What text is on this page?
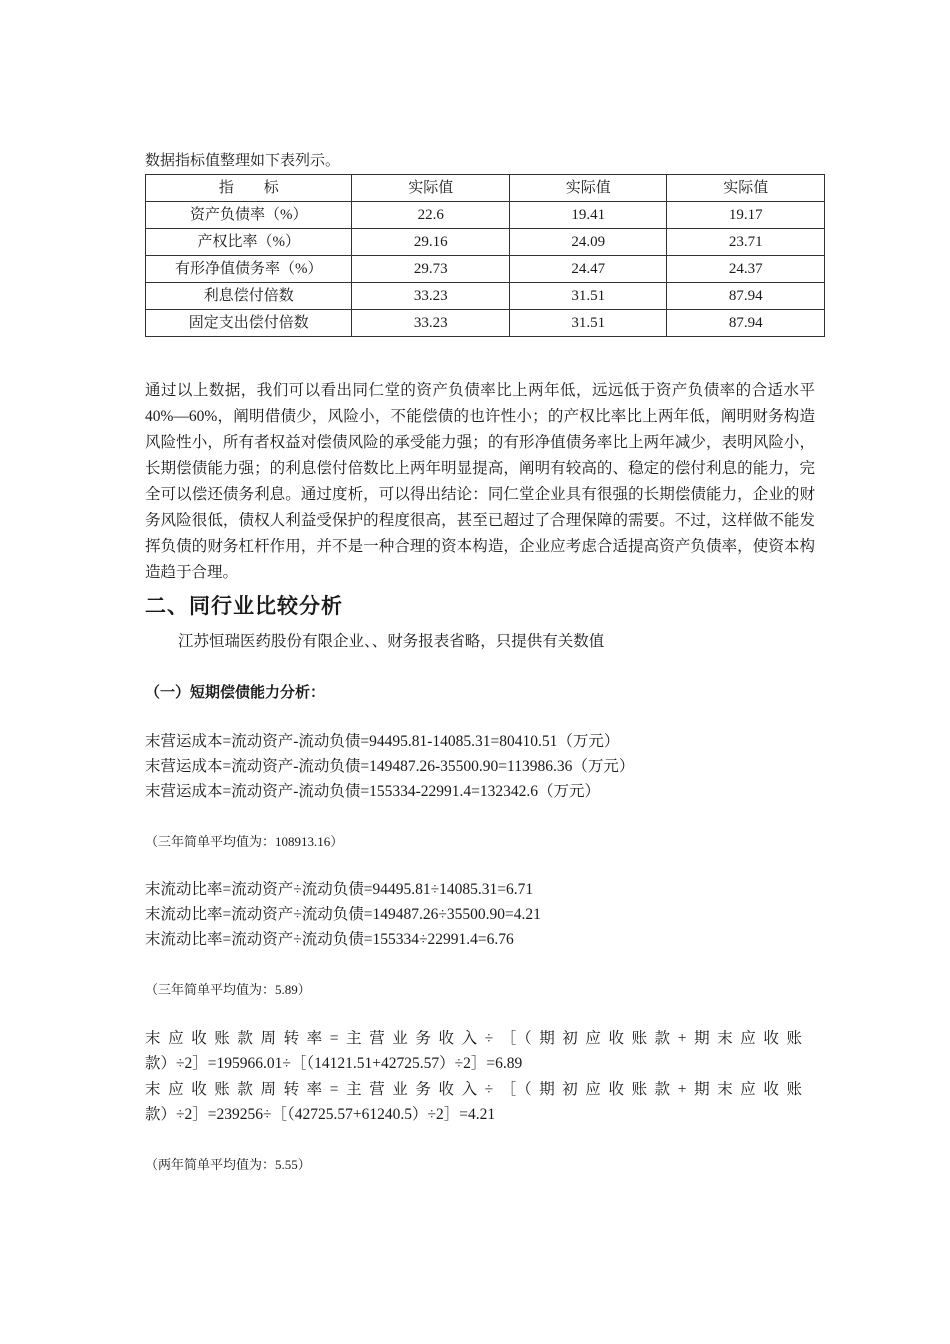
数据指标值整理如下表列示。
指　　标	实际值	实际值	实际值
资产负债率（%）	22.6	19.41	19.17
产权比率（%）	29.16	24.09	23.71
有形净值债务率（%）	29.73	24.47	24.37
利息偿付倍数	33.23	31.51	87.94
固定支出偿付倍数	33.23	31.51	87.94
通过以上数据，我们可以看出同仁堂的资产负债率比上两年低，远远低于资产负债率的合适水平40%—60%，阐明借债少，风险小，不能偿债的也许性小；的产权比率比上两年低，阐明财务构造风险性小，所有者权益对偿债风险的承受能力强；的有形净值债务率比上两年减少，表明风险小，长期偿债能力强；的利息偿付倍数比上两年明显提高，阐明有较高的、稳定的偿付利息的能力，完全可以偿还债务利息。通过度析，可以得出结论：同仁堂企业具有很强的长期偿债能力，企业的财务风险很低，债权人利益受保护的程度很高，甚至已超过了合理保障的需要。不过，这样做不能发挥负债的财务杠杆作用，并不是一种合理的资本构造，企业应考虑合适提高资产负债率，使资本构造趋于合理。
二、同行业比较分析
江苏恒瑞医药股份有限企业、、财务报表省略，只提供有关数值
（一）短期偿债能力分析：
末营运成本=流动资产-流动负债=94495.81-14085.31=80410.51（万元）
末营运成本=流动资产-流动负债=149487.26-35500.90=113986.36（万元）
末营运成本=流动资产-流动负债=155334-22991.4=132342.6（万元）
（三年简单平均值为：108913.16）
末流动比率=流动资产÷流动负债=94495.81÷14085.31=6.71
末流动比率=流动资产÷流动负债=149487.26÷35500.90=4.21
末流动比率=流动资产÷流动负债=155334÷22991.4=6.76
（三年简单平均值为：5.89）
末应收账款周转率=主营业务收入÷［（期初应收账款+期末应收账
款）÷2］=195966.01÷［（14121.51+42725.57）÷2］=6.89
末应收账款周转率=主营业务收入÷［（期初应收账款+期末应收账
款）÷2］=239256÷［（42725.57+61240.5）÷2］=4.21
（两年简单平均值为：5.55）
